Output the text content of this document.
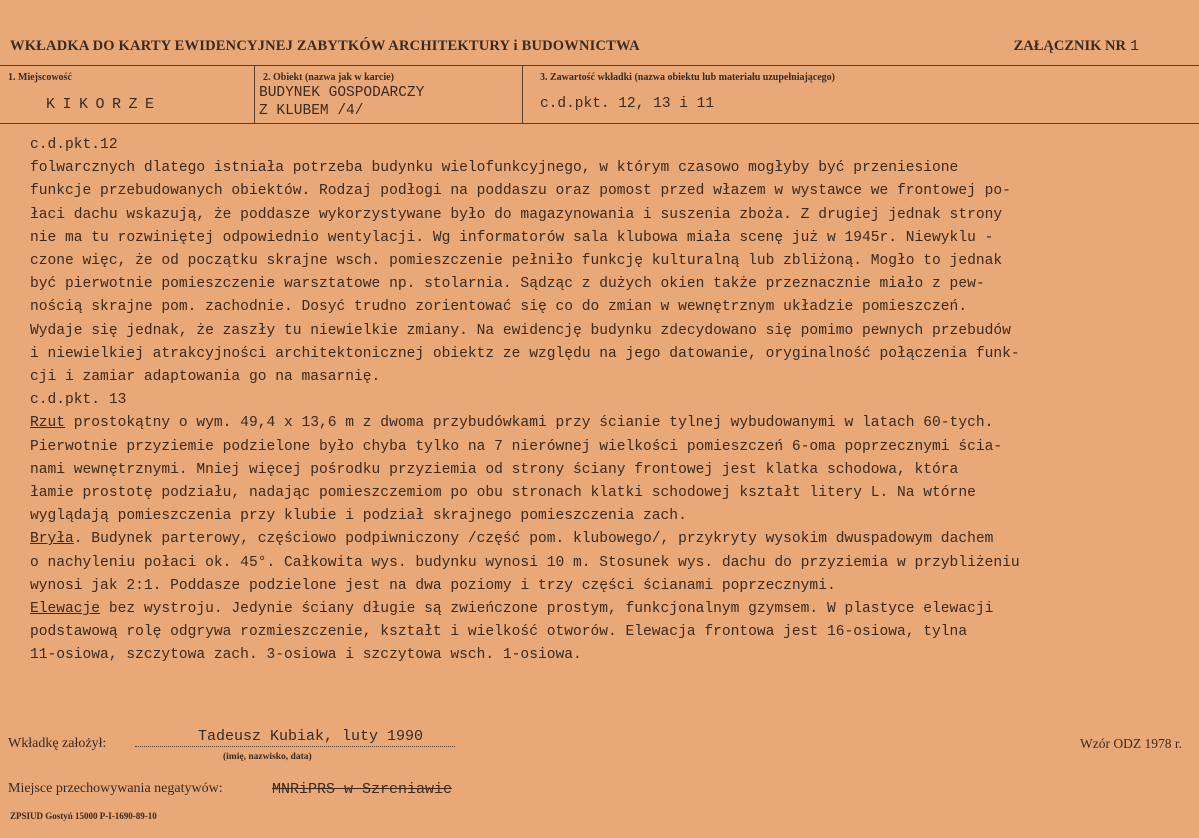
WKŁADKA DO KARTY EWIDENCYJNEJ ZABYTKÓW ARCHITEKTURY i BUDOWNICTWA	ZAŁĄCZNIK NR 1
1. Miejscowość
KIKORZE
2. Obiekt (nazwa jak w karcie)
BUDYNEK GOSPODARCZY
Z KLUBEM /4/
3. Zawartość wkładki (nazwa obiektu lub materiału uzupełniającego)
c.d.pkt. 12, 13 i 11
c.d.pkt.12
folwarcznych dlatego istniała potrzeba budynku wielofunkcyjnego, w którym czasowo mogłyby być przeniesione
funkcje przebudowanych obiektów. Rodzaj podłogi na poddaszu oraz pomost przed włazem w wystawce we frontowej po-
łaci dachu wskazują, że poddasze wykorzystywane było do magazynowania i suszenia zboża. Z drugiej jednak strony
nie ma tu rozwiniętej odpowiednio wentylacji. Wg informatorów sala klubowa miała scenę już w 1945r. Niewyklu -
czone więc, że od początku skrajne wsch. pomieszczenie pełniło funkcję kulturalną lub zbliżoną. Mogło to jednak
być pierwotnie pomieszczenie warsztatowe np. stolarnia. Sądząc z dużych okien także przeznacznie miało z pew-
nością skrajne pom. zachodnie. Dosyć trudno zorientować się co do zmian w wewnętrznym układzie pomieszczeń.
Wydaje się jednak, że zaszły tu niewielkie zmiany. Na ewidencję budynku zdecydowano się pomimo pewnych przebudów
i niewielkiej atrakcyjności architektonicznej obiektz ze względu na jego datowanie, oryginalność połączenia funk-
cji i zamiar adaptowania go na masarnię.
c.d.pkt. 13
Rzut prostokątny o wym. 49,4 x 13,6 m z dwoma przybudówkami przy ścianie tylnej wybudowanymi w latach 60-tych.
Pierwotnie przyziemie podzielone było chyba tylko na 7 nierównej wielkości pomieszczeń 6-oma poprzecznymi ścia-
nami wewnętrznymi. Mniej więcej pośrodku przyziemia od strony ściany frontowej jest klatka schodowa, która
łamie prostotę podziału, nadając pomieszczemiom po obu stronach klatki schodowej kształt litery L. Na wtórne
wyglądają pomieszczenia przy klubie i podział skrajnego pomieszczenia zach.
Bryła. Budynek parterowy, częściowo podpiwniczony /część pom. klubowego/, przykryty wysokim dwuspadowym dachem
o nachyleniu połaci ok. 45°. Całkowita wys. budynku wynosi 10 m. Stosunek wys. dachu do przyziemia w przybliżeniu
wynosi jak 2:1. Poddasze podzielone jest na dwa poziomy i trzy części ścianami poprzecznymi.
Elewacje bez wystroju. Jedynie ściany długie są zwieńczone prostym, funkcjonalnym gzymsem. W plastyce elewacji
podstawową rolę odgrywa rozmieszczenie, kształt i wielkość otworów. Elewacja frontowa jest 16-osiowa, tylna
11-osiowa, szczytowa zach. 3-osiowa i szczytowa wsch. 1-osiowa.
Wkładkę założył:	Tadeusz Kubiak, luty 1990
(imię, nazwisko, data)
Wzór ODZ 1978 r.
Miejsce przechowywania negatywów:	MNRiPRS w Szreniawie
ZPSIUD Gostyń 15000 P-I-1690-89-10
